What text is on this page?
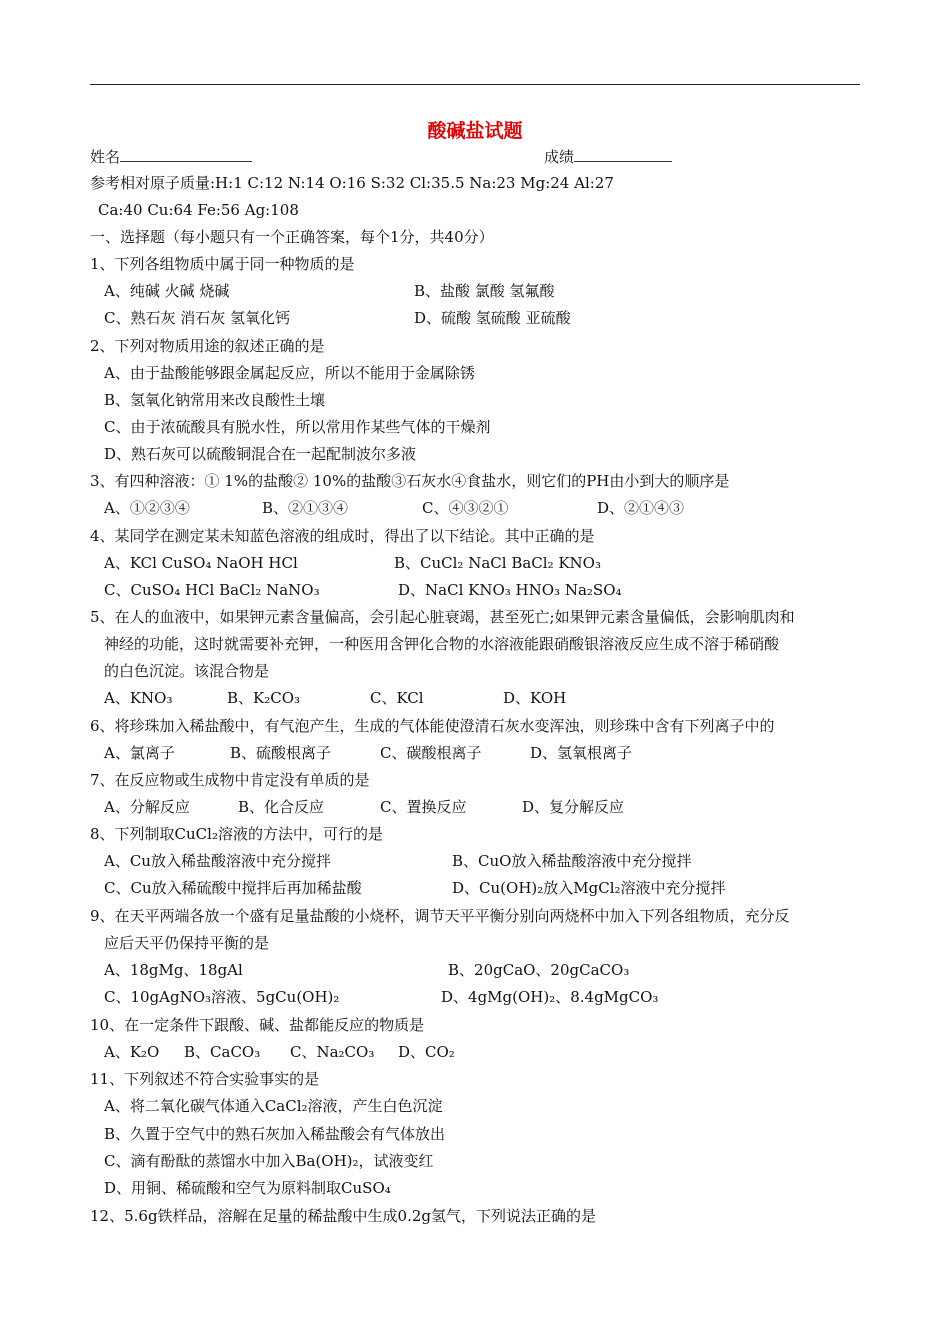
酸碱盐试题
姓名	成绩
参考相对原子质量:H:1 C:12 N:14 O:16 S:32 Cl:35.5 Na:23 Mg:24 Al:27
Ca:40 Cu:64 Fe:56 Ag:108
一、选择题（每小题只有一个正确答案，每个1分，共40分）
1、下列各组物质中属于同一种物质的是
A、纯碱 火碱 烧碱	B、盐酸 氯酸 氢氟酸
C、熟石灰 消石灰 氢氧化钙	D、硫酸 氢硫酸 亚硫酸
2、下列对物质用途的叙述正确的是
A、由于盐酸能够跟金属起反应，所以不能用于金属除锈
B、氢氧化钠常用来改良酸性土壤
C、由于浓硫酸具有脱水性，所以常用作某些气体的干燥剂
D、熟石灰可以硫酸铜混合在一起配制波尔多液
3、有四种溶液：① 1%的盐酸② 10%的盐酸③石灰水④食盐水，则它们的PH由小到大的顺序是
A、①②③④	B、②①③④	C、④③②①	D、②①④③
4、某同学在测定某未知蓝色溶液的组成时，得出了以下结论。其中正确的是
A、KCl CuSO₄ NaOH HCl	B、CuCl₂ NaCl BaCl₂ KNO₃
C、CuSO₄ HCl BaCl₂ NaNO₃	D、NaCl KNO₃ HNO₃ Na₂SO₄
5、在人的血液中，如果钾元素含量偏高，会引起心脏衰竭，甚至死亡;如果钾元素含量偏低，会影响肌肉和
神经的功能，这时就需要补充钾，一种医用含钾化合物的水溶液能跟硝酸银溶液反应生成不溶于稀硝酸
的白色沉淀。该混合物是
A、KNO₃	B、K₂CO₃	C、KCl	D、KOH
6、将珍珠加入稀盐酸中，有气泡产生，生成的气体能使澄清石灰水变浑浊，则珍珠中含有下列离子中的
A、氯离子	B、硫酸根离子	C、碳酸根离子	D、氢氧根离子
7、在反应物或生成物中肯定没有单质的是
A、分解反应	B、化合反应	C、置换反应	D、复分解反应
8、下列制取CuCl₂溶液的方法中，可行的是
A、Cu放入稀盐酸溶液中充分搅拌	B、CuO放入稀盐酸溶液中充分搅拌
C、Cu放入稀硫酸中搅拌后再加稀盐酸	D、Cu(OH)₂放入MgCl₂溶液中充分搅拌
9、在天平两端各放一个盛有足量盐酸的小烧杯，调节天平平衡分别向两烧杯中加入下列各组物质，充分反
应后天平仍保持平衡的是
A、18gMg、18gAl	B、20gCaO、20gCaCO₃
C、10gAgNO₃溶液、5gCu(OH)₂	D、4gMg(OH)₂、8.4gMgCO₃
10、在一定条件下跟酸、碱、盐都能反应的物质是
A、K₂O B、CaCO₃ C、Na₂CO₃ D、CO₂
11、下列叙述不符合实验事实的是
A、将二氧化碳气体通入CaCl₂溶液，产生白色沉淀
B、久置于空气中的熟石灰加入稀盐酸会有气体放出
C、滴有酚酞的蒸馏水中加入Ba(OH)₂，试液变红
D、用铜、稀硫酸和空气为原料制取CuSO₄
12、5.6g铁样品，溶解在足量的稀盐酸中生成0.2g氢气，下列说法正确的是
